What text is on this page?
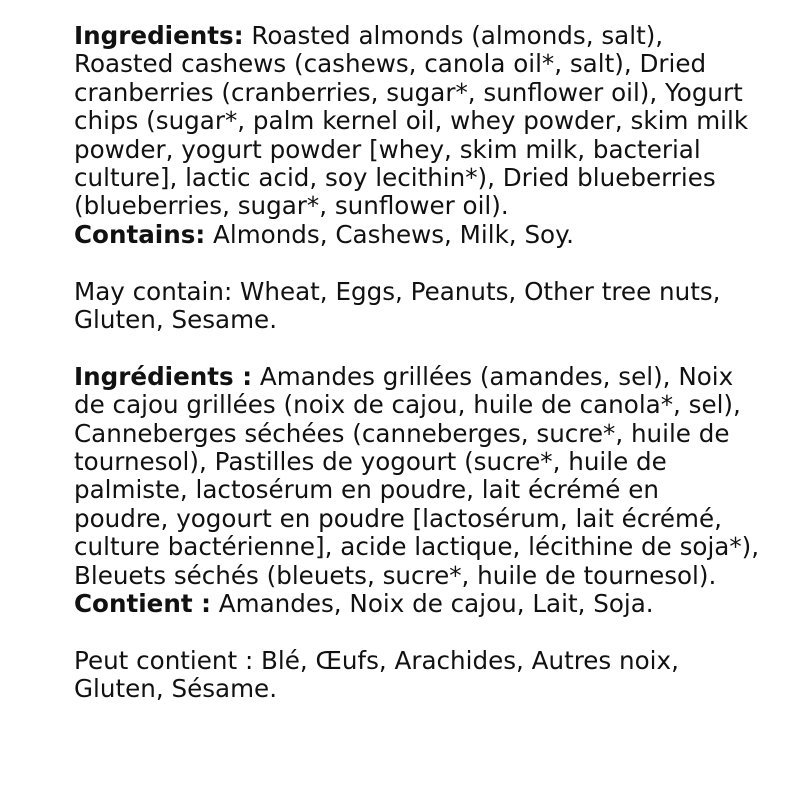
Ingredients: Roasted almonds (almonds, salt), Roasted cashews (cashews, canola oil*, salt), Dried cranberries (cranberries, sugar*, sunflower oil), Yogurt chips (sugar*, palm kernel oil, whey powder, skim milk powder, yogurt powder [whey, skim milk, bacterial culture], lactic acid, soy lecithin*), Dried blueberries (blueberries, sugar*, sunflower oil).

Contains: Almonds, Cashews, Milk, Soy.

May contain: Wheat, Eggs, Peanuts, Other tree nuts, Gluten, Sesame.

Ingrédients : Amandes grillées (amandes, sel), Noix de cajou grillées (noix de cajou, huile de canola*, sel), Canneberges séchées (canneberges, sucre*, huile de tournesol), Pastilles de yogourt (sucre*, huile de palmiste, lactosérum en poudre, lait écrémé en poudre, yogourt en poudre [lactosérum, lait écrémé, culture bactérienne], acide lactique, lécithine de soja*), Bleuets séchés (bleuets, sucre*, huile de tournesol).

Contient : Amandes, Noix de cajou, Lait, Soja.

Peut contient : Blé, Œufs, Arachides, Autres noix, Gluten, Sésame.
